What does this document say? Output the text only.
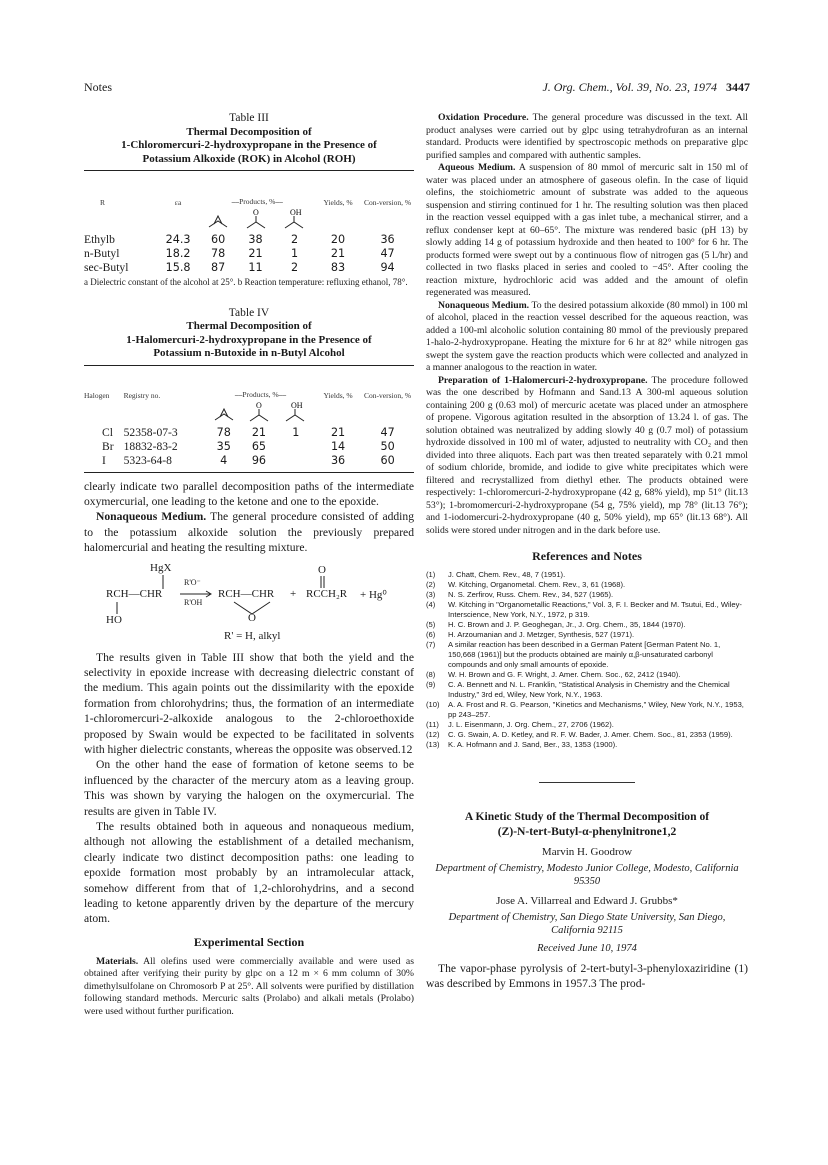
Notes	J. Org. Chem., Vol. 39, No. 23, 1974 3447
Table III
Thermal Decomposition of
1-Chloromercuri-2-hydroxypropane in the Presence of
Potassium Alkoxide (ROK) in Alcohol (ROH)
R	εa	⎯⎯Products, %⎯⎯			Yields, %	Con-version, %

O	OH		

Ethylb	24.3	60	38	2	20	36
n-Butyl	18.2	78	21	1	21	47
sec-Butyl	15.8	87	11	2	83	94
a Dielectric constant of the alcohol at 25°. b Reaction temperature: refluxing ethanol, 78°.
Table IV
Thermal Decomposition of
1-Halomercuri-2-hydroxypropane in the Presence of
Potassium n-Butoxide in n-Butyl Alcohol
Halogen	Registry no.	⎯⎯Products, %⎯⎯			Yields, %	Con-version, %

O	OH		

Cl	52358-07-3	78	21	1	21	47
Br	18832-83-2	35	65		14	50
I	5323-64-8	4	96		36	60

clearly indicate two parallel decomposition paths of the intermediate oxymercurial, one leading to the ketone and one to the epoxide.

Nonaqueous Medium. The general procedure consisted of adding to the potassium alkoxide solution the previously prepared halomercurial and heating the resulting mixture.

HgX
RCH—CHR
HO
R'O⁻
R'OH
RCH—CHR
O
+
O
RCCH₂R + Hg⁰
R' = H, alkyl

The results given in Table III show that both the yield and the selectivity in epoxide increase with decreasing dielectric constant of the medium. This again points out the dissimilarity with the epoxide formation from chlorohydrins; thus, the formation of an intermediate 1-chloromercuri-2-alkoxide analogous to the 2-chloroethoxide proposed by Swain would be expected to be facilitated in solvents with higher dielectric constants, whereas the opposite was observed.12

On the other hand the ease of formation of ketone seems to be influenced by the character of the mercury atom as a leaving group. This was shown by varying the halogen on the oxymercurial. The results are given in Table IV.

The results obtained both in aqueous and nonaqueous medium, although not allowing the establishment of a detailed mechanism, clearly indicate two distinct decomposition paths: one leading to epoxide formation most probably by an intramolecular attack, somehow different from that of 1,2-chlorohydrins, and a second leading to ketone apparently driven by the departure of the mercury atom.

Experimental Section

Materials. All olefins used were commercially available and were used as obtained after verifying their purity by glpc on a 12 m × 6 mm column of 30% dimethylsulfolane on Chromosorb P at 25°. All solvents were purified by distillation following standard methods. Mercuric salts (Prolabo) and alkali metals (Prolabo) were used without further purification.

Oxidation Procedure. The general procedure was discussed in the text. All product analyses were carried out by glpc using tetrahydrofuran as an internal standard. Products were identified by spectroscopic methods on preparative glpc purified samples and compared with authentic samples.

Aqueous Medium. A suspension of 80 mmol of mercuric salt in 150 ml of water was placed under an atmosphere of gaseous olefin. In the case of liquid olefins, the stoichiometric amount of substrate was added to the aqueous suspension and stirring continued for 1 hr. The resulting solution was then placed in the reaction vessel equipped with a gas inlet tube, a mechanical stirrer, and a reflux condenser kept at 60–65°. The mixture was rendered basic (pH 13) by slowly adding 14 g of potassium hydroxide and then heated to 100° for 6 hr. The products formed were swept out by a continuous flow of nitrogen gas (5 l./hr) and collected in two flasks placed in series and cooled to −45°. After cooling the reaction mixture, hydrochloric acid was added and the amount of olefin regenerated was measured.

Nonaqueous Medium. To the desired potassium alkoxide (80 mmol) in 100 ml of alcohol, placed in the reaction vessel described for the aqueous reaction, was added a 100-ml alcoholic solution containing 80 mmol of the previously prepared 1-halo-2-hydroxypropane. Heating the mixture for 6 hr at 82° while nitrogen gas swept the system gave the reaction products which were collected and analyzed in a manner analogous to the reaction in water.

Preparation of 1-Halomercuri-2-hydroxypropane. The procedure followed was the one described by Hofmann and Sand.13 A 300-ml aqueous solution containing 200 g (0.63 mol) of mercuric acetate was placed under an atmosphere of propene. Vigorous agitation resulted in the absorption of 13.24 l. of gas. The solution obtained was neutralized by adding slowly 40 g (0.7 mol) of potassium hydroxide dissolved in 100 ml of water, adjusted to neutrality with CO₂ and then divided into three aliquots. Each part was then treated separately with 0.21 mmol of sodium chloride, bromide, and iodide to give white precipitates which were filtered and recrystallized from diethyl ether. The products obtained were respectively: 1-chloromercuri-2-hydroxypropane (42 g, 68% yield), mp 51° (lit.13 53°); 1-bromomercuri-2-hydroxypropane (54 g, 75% yield), mp 78° (lit.13 76°); and 1-iodomercuri-2-hydroxypropane (40 g, 50% yield), mp 65° (lit.13 68°). All solids were stored under nitrogen and in the dark before use.

References and Notes
(1)	J. Chatt, Chem. Rev., 48, 7 (1951).
(2)	W. Kitching, Organometal. Chem. Rev., 3, 61 (1968).
(3)	N. S. Zerfirov, Russ. Chem. Rev., 34, 527 (1965).
(4)	W. Kitching in "Organometallic Reactions," Vol. 3, F. I. Becker and M. Tsutui, Ed., Wiley-Interscience, New York, N.Y., 1972, p 319.
(5)	H. C. Brown and J. P. Geoghegan, Jr., J. Org. Chem., 35, 1844 (1970).
(6)	H. Arzoumanian and J. Metzger, Synthesis, 527 (1971).
(7)	A similar reaction has been described in a German Patent [German Patent No. 1, 150,668 (1961)] but the products obtained are mainly α,β-unsaturated carbonyl compounds and only small amounts of epoxide.
(8)	W. H. Brown and G. F. Wright, J. Amer. Chem. Soc., 62, 2412 (1940).
(9)	C. A. Bennett and N. L. Franklin, "Statistical Analysis in Chemistry and the Chemical Industry," 3rd ed, Wiley, New York, N.Y., 1963.
(10)	A. A. Frost and R. G. Pearson, "Kinetics and Mechanisms," Wiley, New York, N.Y., 1953, pp 243–257.
(11)	J. L. Eisenmann, J. Org. Chem., 27, 2706 (1962).
(12)	C. G. Swain, A. D. Ketley, and R. F. W. Bader, J. Amer. Chem. Soc., 81, 2353 (1959).
(13)	K. A. Hofmann and J. Sand, Ber., 33, 1353 (1900).
A Kinetic Study of the Thermal Decomposition of
(Z)-N-tert-Butyl-α-phenylnitrone1,2
Marvin H. Goodrow
Department of Chemistry, Modesto Junior College, Modesto, California 95350
Jose A. Villarreal and Edward J. Grubbs*
Department of Chemistry, San Diego State University, San Diego, California 92115
Received June 10, 1974

The vapor-phase pyrolysis of 2-tert-butyl-3-phenyloxaziridine (1) was described by Emmons in 1957.3 The prod-
